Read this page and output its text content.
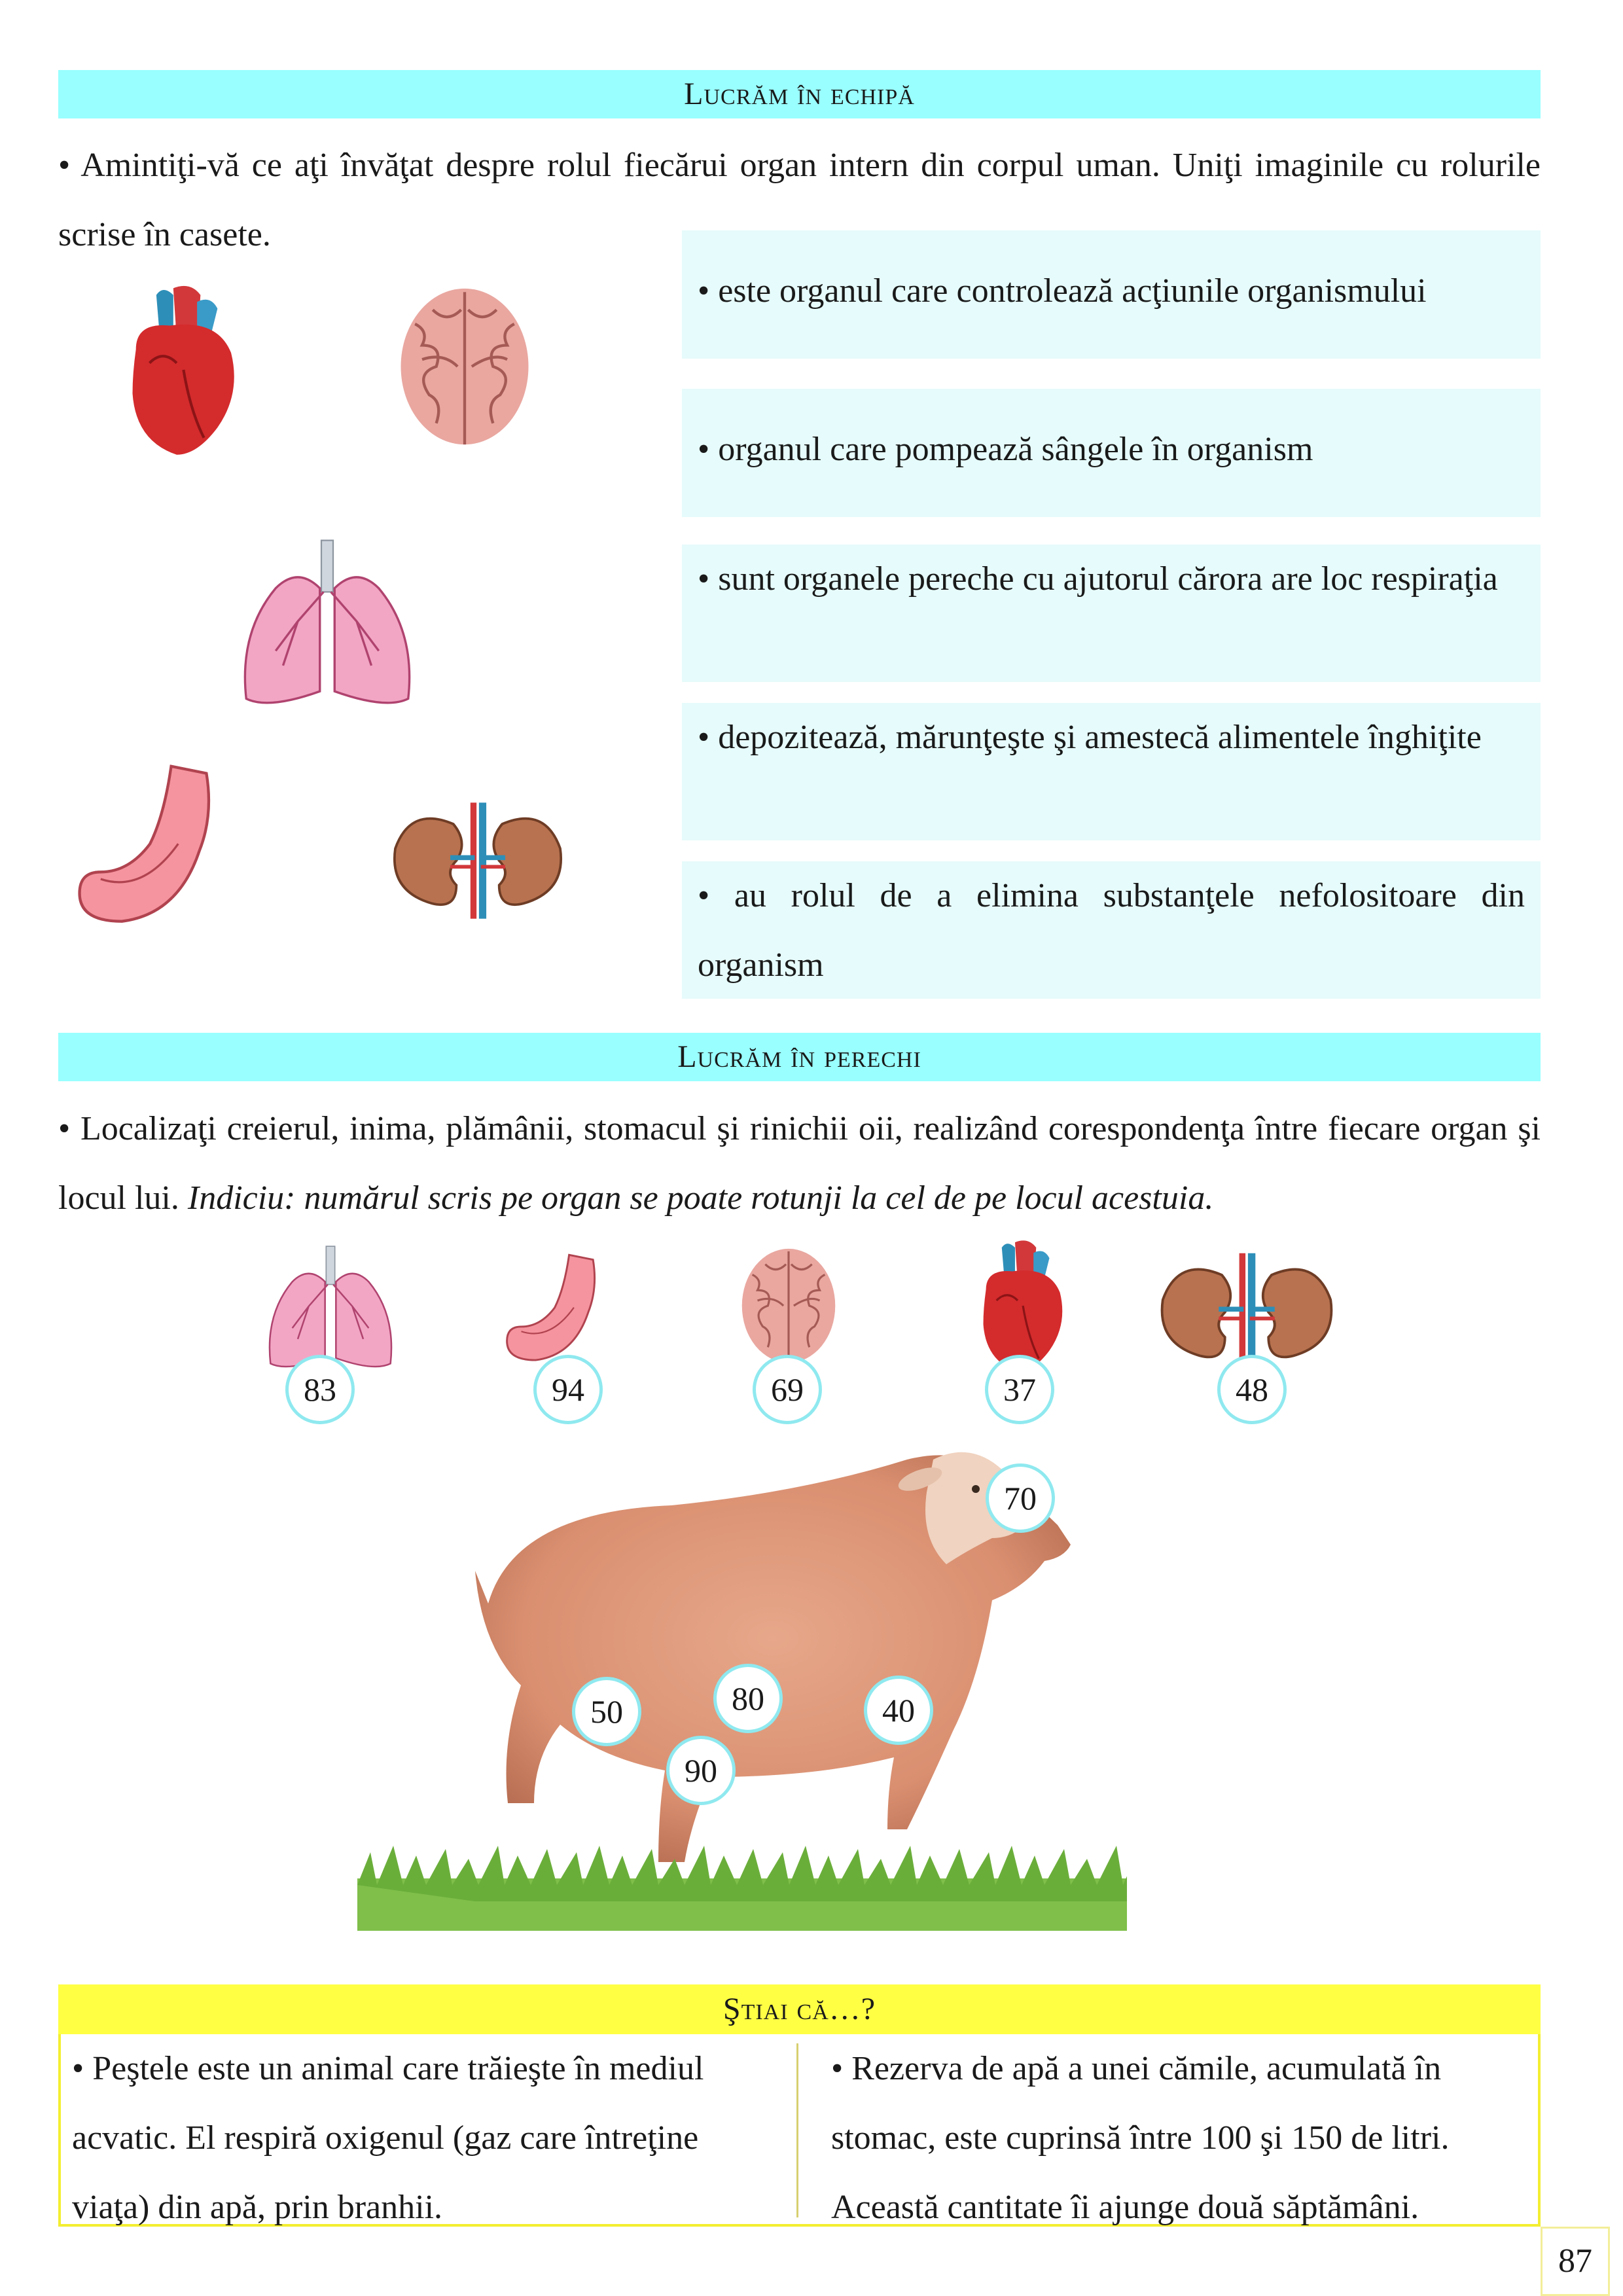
Lucrăm în echipă
• Amintiţi-vă ce aţi învăţat despre rolul fiecărui organ intern din corpul uman. Uniţi imaginile cu rolurile scrise în casete.
• este organul care controlează acţiunile organismului
• organul care pompează sângele în organism
• sunt organele pereche cu ajutorul cărora are loc respiraţia
• depozitează, mărunţeşte şi amestecă alimentele înghiţite
• au rolul de a elimina substanţele nefolositoare din organism
Lucrăm în perechi
• Localizaţi creierul, inima, plămânii, stomacul şi rinichii oii, realizând corespondenţa între fiecare organ şi locul lui. Indiciu: numărul scris pe organ se poate rotunji la cel de pe locul acestuia.
83	94	69	37	48
70
50	80	40
90
Ştiai că…?
• Peştele este un animal care trăieşte în mediul acvatic. El respiră oxigenul (gaz care întreţine viaţa) din apă, prin branhii.
• Rezerva de apă a unei cămile, acumulată în stomac, este cuprinsă între 100 şi 150 de litri. Această cantitate îi ajunge două săptămâni.
87
